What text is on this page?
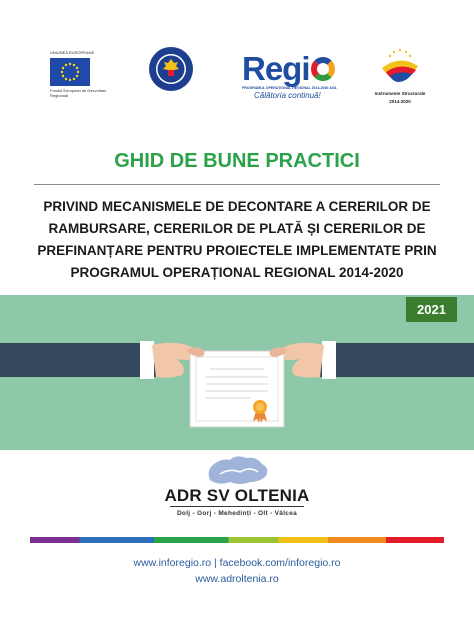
UNIUNEA EUROPEANĂ
Fondul European de Dezvoltare Regională
Regi
PROGRAMUL OPERAȚIONAL REGIONAL 2014-2020 AXA
Călătoria continuă!	Instrumente Structurale
2014-2020
GHID DE BUNE PRACTICI
PRIVIND MECANISMELE DE DECONTARE A CERERILOR DE
RAMBURSARE, CERERILOR DE PLATĂ ȘI CERERILOR DE
PREFINANȚARE PENTRU PROIECTELE IMPLEMENTATE PRIN
PROGRAMUL OPERAȚIONAL REGIONAL 2014-2020
2021
ADR SV OLTENIA
Dolj - Gorj - Mehedinți - Olt - Vâlcea
www.inforegio.ro | facebook.com/inforegio.ro
www.adroltenia.ro
